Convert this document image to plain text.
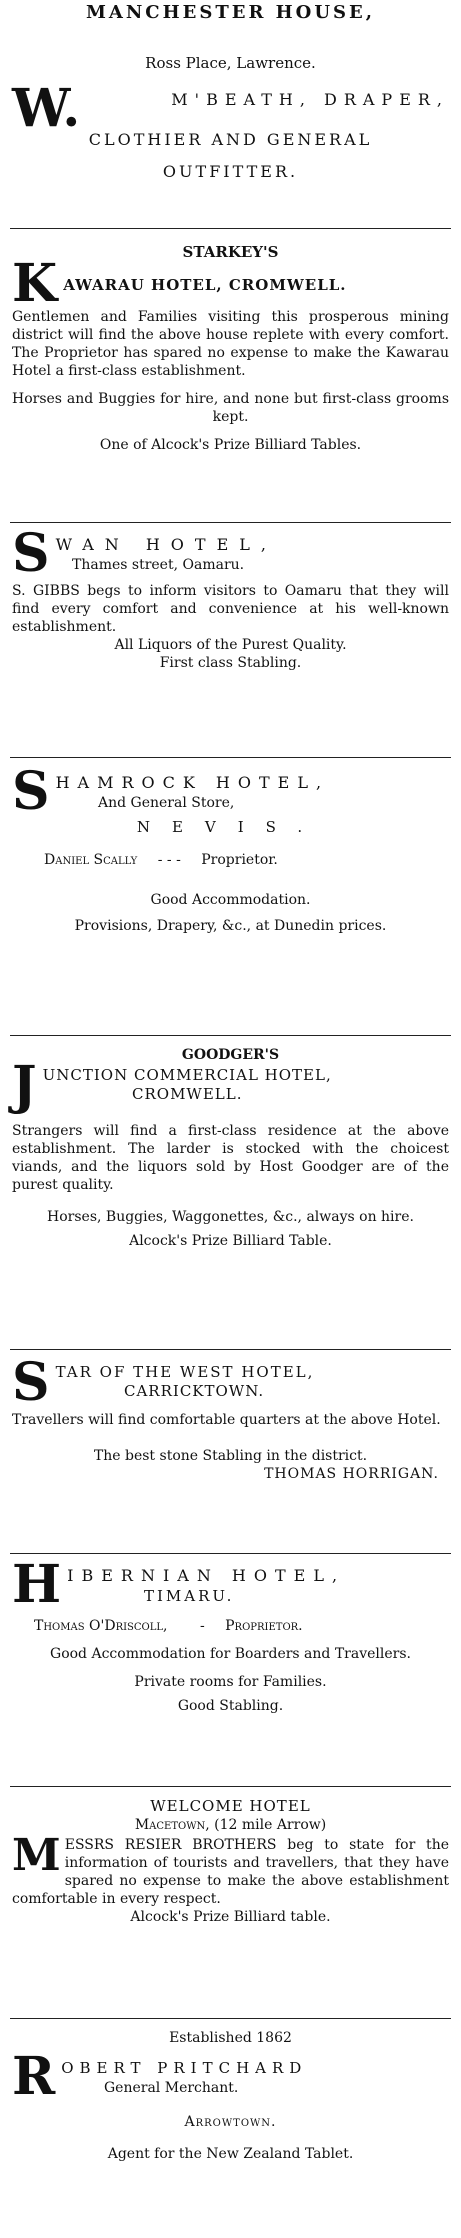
MANCHESTER HOUSE,
Ross Place, Lawrence.
W.	M'BEATH, DRAPER,
CLOTHIER AND GENERAL
OUTFITTER.
STARKEY'S
K AWARAU HOTEL, CROMWELL.
Gentlemen and Families visiting this prosperous mining district will find the above house replete with every comfort. The Proprietor has spared no expense to make the Kawarau Hotel a first-class establishment.
Horses and Buggies for hire, and none but first-class grooms kept.
One of Alcock's Prize Billiard Tables.
S WAN HOTEL,
Thames street, Oamaru.
S. GIBBS begs to inform visitors to Oamaru that they will find every comfort and convenience at his well-known establishment.
All Liquors of the Purest Quality.
First class Stabling.
S HAMROCK HOTEL,
And General Store,
NEVIS.
Daniel Scally - - - Proprietor.
Good Accommodation.
Provisions, Drapery, &c., at Dunedin prices.
GOODGER'S
J UNCTION COMMERCIAL HOTEL,
CROMWELL.
Strangers will find a first-class residence at the above establishment. The larder is stocked with the choicest viands, and the liquors sold by Host Goodger are of the purest quality.
Horses, Buggies, Waggonettes, &c., always on hire.
Alcock's Prize Billiard Table.
S TAR OF THE WEST HOTEL,
CARRICKTOWN.
Travellers will find comfortable quarters at the above Hotel.
The best stone Stabling in the district.
THOMAS HORRIGAN.
H IBERNIAN HOTEL,
TIMARU.
Thomas O'Driscoll, - Proprietor.
Good Accommodation for Boarders and Travellers.
Private rooms for Families.
Good Stabling.
WELCOME HOTEL
Macetown, (12 mile Arrow)
M ESSRS RESIER BROTHERS beg to state for the information of tourists and travellers, that they have spared no expense to make the above establishment comfortable in every respect.
Alcock's Prize Billiard table.
Established 1862
R OBERT PRITCHARD
General Merchant.
Arrowtown.
Agent for the New Zealand Tablet.
